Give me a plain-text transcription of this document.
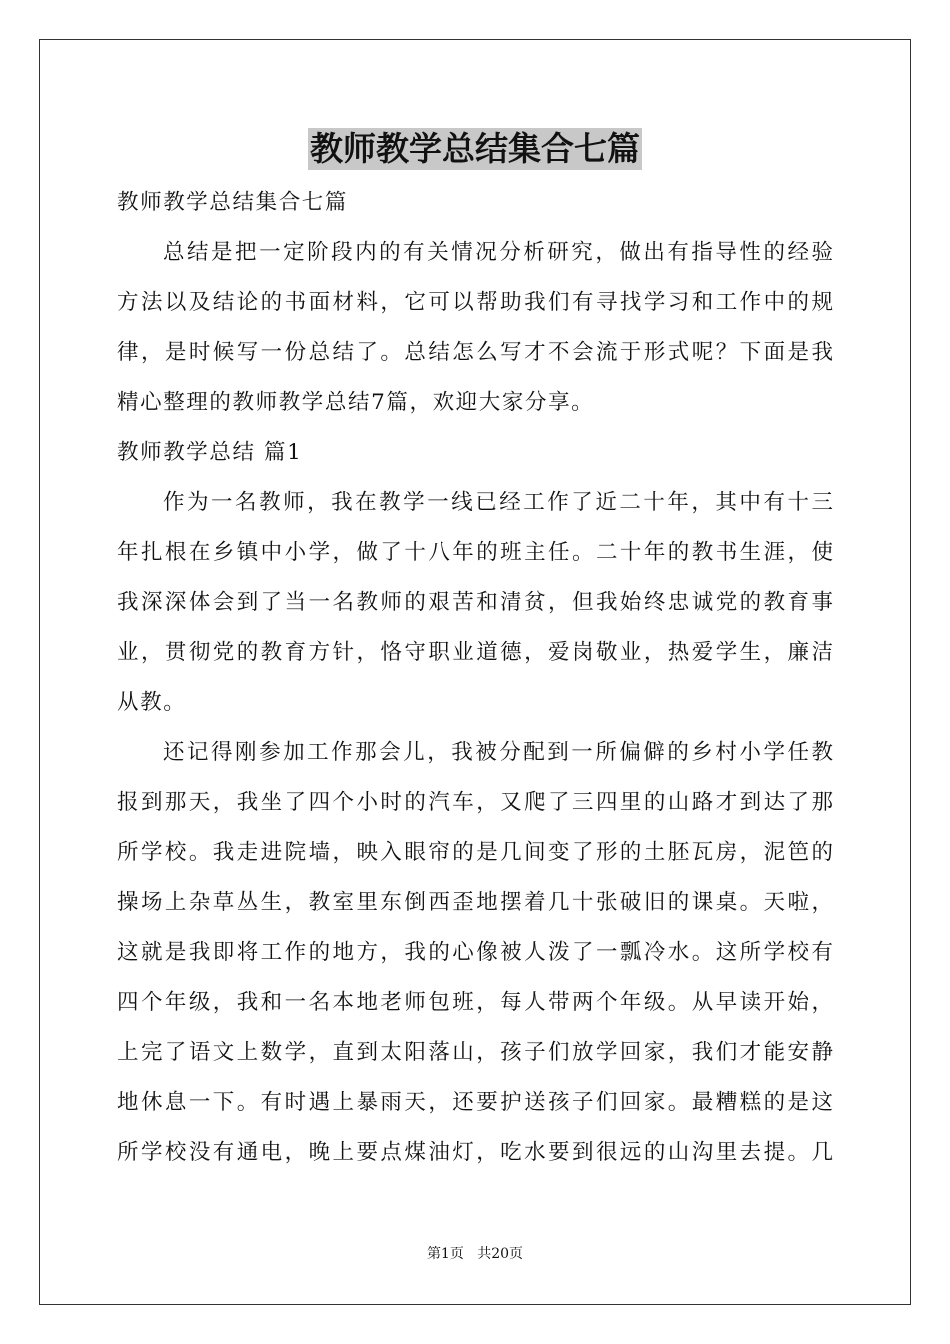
教师教学总结集合七篇
教师教学总结集合七篇
总结是把一定阶段内的有关情况分析研究，做出有指导性的经验
方法以及结论的书面材料，它可以帮助我们有寻找学习和工作中的规
律，是时候写一份总结了。总结怎么写才不会流于形式呢？下面是我
精心整理的教师教学总结7篇，欢迎大家分享。
教师教学总结 篇1
作为一名教师，我在教学一线已经工作了近二十年，其中有十三
年扎根在乡镇中小学，做了十八年的班主任。二十年的教书生涯，使
我深深体会到了当一名教师的艰苦和清贫，但我始终忠诚党的教育事
业，贯彻党的教育方针，恪守职业道德，爱岗敬业，热爱学生，廉洁
从教。
还记得刚参加工作那会儿，我被分配到一所偏僻的乡村小学任教
报到那天，我坐了四个小时的汽车，又爬了三四里的山路才到达了那
所学校。我走进院墙，映入眼帘的是几间变了形的土胚瓦房，泥笆的
操场上杂草丛生，教室里东倒西歪地摆着几十张破旧的课桌。天啦，
这就是我即将工作的地方，我的心像被人泼了一瓢冷水。这所学校有
四个年级，我和一名本地老师包班，每人带两个年级。从早读开始，
上完了语文上数学，直到太阳落山，孩子们放学回家，我们才能安静
地休息一下。有时遇上暴雨天，还要护送孩子们回家。最糟糕的是这
所学校没有通电，晚上要点煤油灯，吃水要到很远的山沟里去提。几
第1页 共20页
